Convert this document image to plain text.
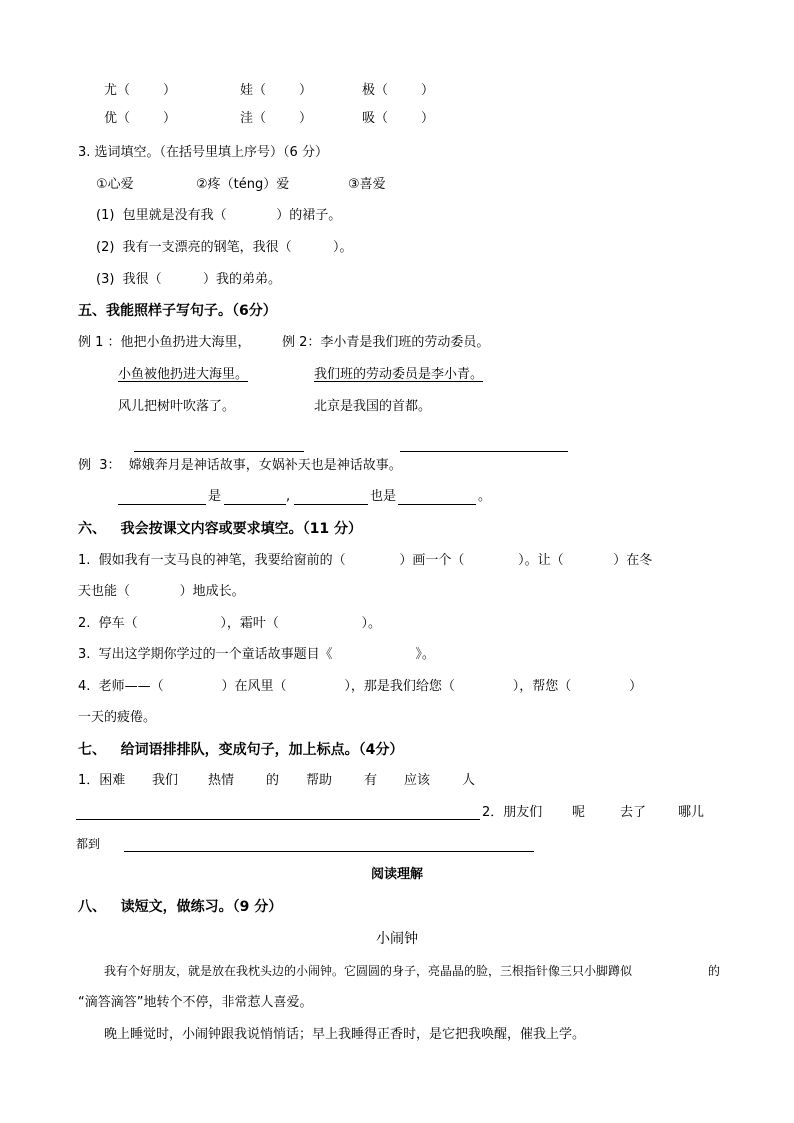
尤（        ）	娃（        ）	极（        ）
优（        ）	洼（        ）	吸（        ）
3. 选词填空。（在括号里填上序号）（6 分）
①心爱	②疼（téng）爱	③喜爱
(1)  包里就是没有我（            ）的裙子。
(2)  我有一支漂亮的钢笔，我很（          ）。
(3)  我很（          ）我的弟弟。
五、我能照样子写句子。（6分）
例 1 ：他把小鱼扔进大海里， 例 2：李小青是我们班的劳动委员。
小鱼被他扔进大海里。	我们班的劳动委员是李小青。
风儿把树叶吹落了。	北京是我国的首都。
例  3：  嫦娥奔月是神话故事，女娲补天也是神话故事。
是	,	也是	。
六、   我会按课文内容或要求填空。（11 分）
1.  假如我有一支马良的神笔，我要给窗前的（             ）画一个（             ）。让（            ）在冬
天也能（            ）地成长。
2.  停车（                    ），霜叶（                    ）。
3.  写出这学期你学过的一个童话故事题目《                    》。
4.  老师——（              ）在风里（              ），那是我们给您（              ），帮您（              ）
一天的疲倦。
七、   给词语排排队，变成句子，加上标点。（4分）
1．困难 我们 热情 的 帮助 有 应该 人
2．朋友们 呢	去了 哪儿
都到
阅读理解
八、   读短文，做练习。（9 分）
小闹钟
我有个好朋友，就是放在我枕头边的小闹钟。它圆圆的身子，亮晶晶的脸，三根指针像三只小脚蹲似	的
“滴答滴答”地转个不停，非常惹人喜爱。
晚上睡觉时，小闹钟跟我说悄悄话；早上我睡得正香时，是它把我唤醒，催我上学。
